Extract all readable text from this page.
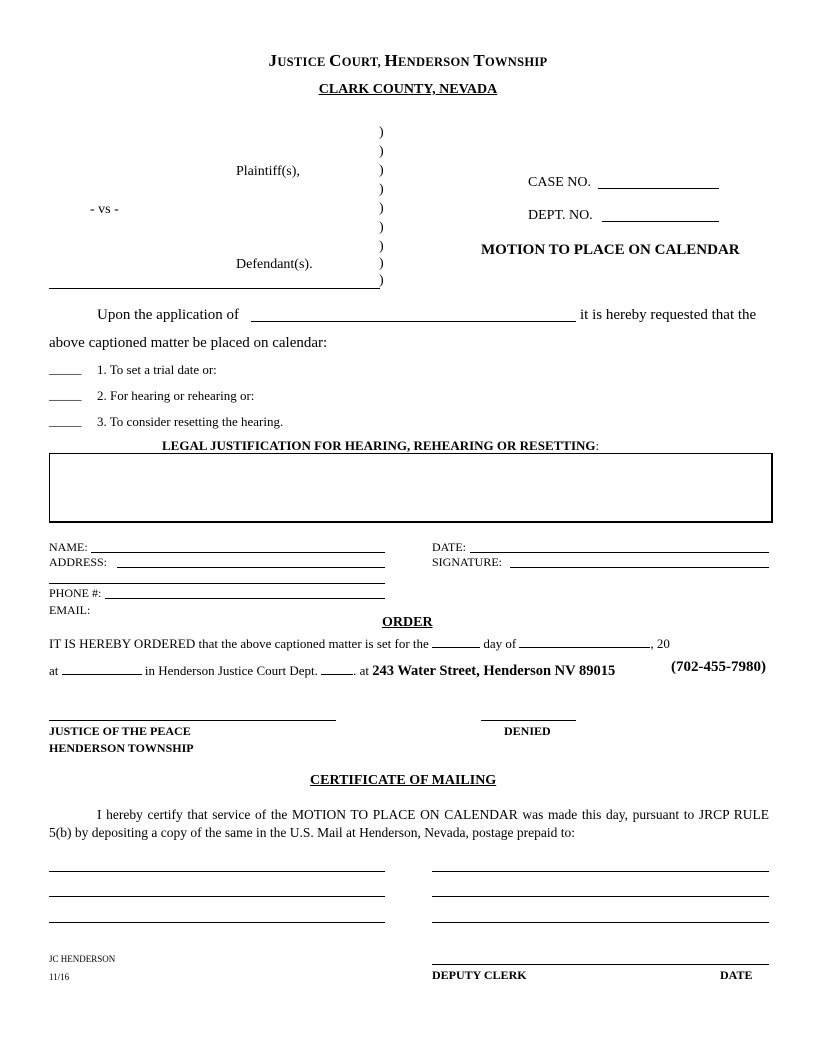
JUSTICE COURT, HENDERSON TOWNSHIP
CLARK COUNTY, NEVADA
)
)
)
)
)
)
)
)
)
Plaintiff(s),
- vs -
Defendant(s).
CASE NO.
DEPT. NO.
MOTION TO PLACE ON CALENDAR
Upon the application of	it is hereby requested that the
above captioned matter be placed on calendar:
_____ 1. To set a trial date or:
_____ 2. For hearing or rehearing or:
_____ 3. To consider resetting the hearing.
LEGAL JUSTIFICATION FOR HEARING, REHEARING OR RESETTING:
NAME:
ADDRESS:
PHONE #:
EMAIL:
DATE:
SIGNATURE:
ORDER
IT IS HEREBY ORDERED that the above captioned matter is set for the	day of	, 20
at	in Henderson Justice Court Dept.	. at 243 Water Street, Henderson NV 89015	(702-455-7980)
JUSTICE OF THE PEACE
HENDERSON TOWNSHIP
DENIED
CERTIFICATE OF MAILING
I hereby certify that service of the MOTION TO PLACE ON CALENDAR was made this day, pursuant to JRCP RULE 5(b) by depositing a copy of the same in the U.S. Mail at Henderson, Nevada, postage prepaid to:
DEPUTY CLERK	DATE
JC HENDERSON
11/16
